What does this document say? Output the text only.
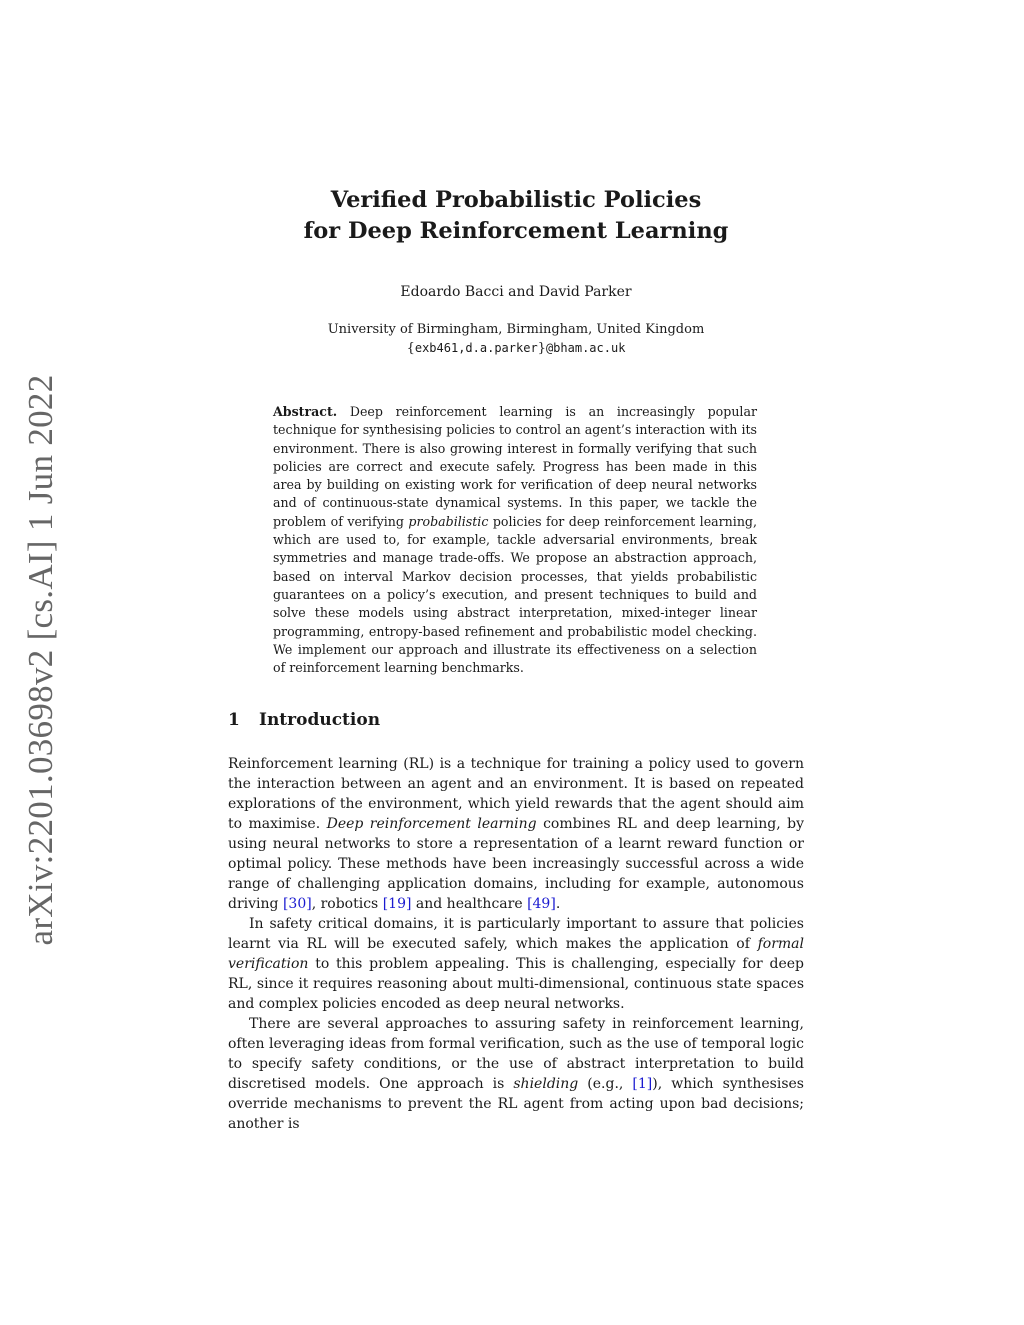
arXiv:2201.03698v2 [cs.AI] 1 Jun 2022
Verified Probabilistic Policies
for Deep Reinforcement Learning
Edoardo Bacci and David Parker
University of Birmingham, Birmingham, United Kingdom
{exb461,d.a.parker}@bham.ac.uk
Abstract. Deep reinforcement learning is an increasingly popular technique for synthesising policies to control an agent’s interaction with its environment. There is also growing interest in formally verifying that such policies are correct and execute safely. Progress has been made in this area by building on existing work for verification of deep neural networks and of continuous-state dynamical systems. In this paper, we tackle the problem of verifying probabilistic policies for deep reinforcement learning, which are used to, for example, tackle adversarial environments, break symmetries and manage trade-offs. We propose an abstraction approach, based on interval Markov decision processes, that yields probabilistic guarantees on a policy’s execution, and present techniques to build and solve these models using abstract interpretation, mixed-integer linear programming, entropy-based refinement and probabilistic model checking. We implement our approach and illustrate its effectiveness on a selection of reinforcement learning benchmarks.
1 Introduction

Reinforcement learning (RL) is a technique for training a policy used to govern the interaction between an agent and an environment. It is based on repeated explorations of the environment, which yield rewards that the agent should aim to maximise. Deep reinforcement learning combines RL and deep learning, by using neural networks to store a representation of a learnt reward function or optimal policy. These methods have been increasingly successful across a wide range of challenging application domains, including for example, autonomous driving [30], robotics [19] and healthcare [49].

In safety critical domains, it is particularly important to assure that policies learnt via RL will be executed safely, which makes the application of formal verification to this problem appealing. This is challenging, especially for deep RL, since it requires reasoning about multi-dimensional, continuous state spaces and complex policies encoded as deep neural networks.

There are several approaches to assuring safety in reinforcement learning, often leveraging ideas from formal verification, such as the use of temporal logic to specify safety conditions, or the use of abstract interpretation to build discretised models. One approach is shielding (e.g., [1]), which synthesises override mechanisms to prevent the RL agent from acting upon bad decisions; another is
